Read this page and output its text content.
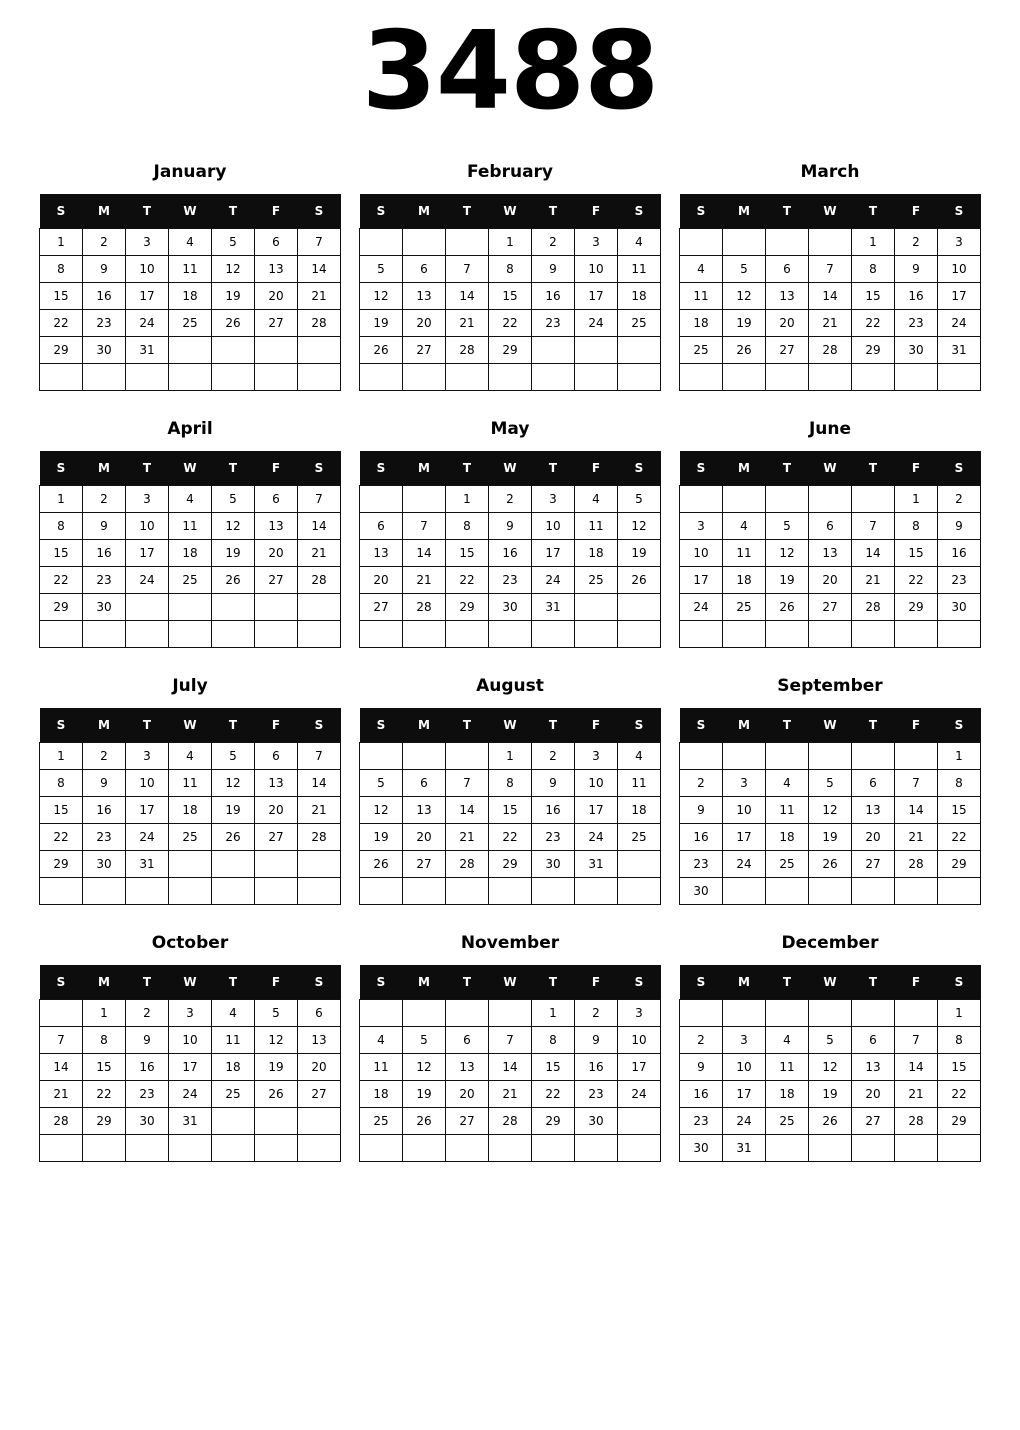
3488
January
S	M	T	W	T	F	S
1	2	3	4	5	6	7
8	9	10	11	12	13	14
15	16	17	18	19	20	21
22	23	24	25	26	27	28
29	30	31				

February
S	M	T	W	T	F	S
			1	2	3	4
5	6	7	8	9	10	11
12	13	14	15	16	17	18
19	20	21	22	23	24	25
26	27	28	29			

March
S	M	T	W	T	F	S
				1	2	3
4	5	6	7	8	9	10
11	12	13	14	15	16	17
18	19	20	21	22	23	24
25	26	27	28	29	30	31

April
S	M	T	W	T	F	S
1	2	3	4	5	6	7
8	9	10	11	12	13	14
15	16	17	18	19	20	21
22	23	24	25	26	27	28
29	30					

May
S	M	T	W	T	F	S
		1	2	3	4	5
6	7	8	9	10	11	12
13	14	15	16	17	18	19
20	21	22	23	24	25	26
27	28	29	30	31		

June
S	M	T	W	T	F	S
					1	2
3	4	5	6	7	8	9
10	11	12	13	14	15	16
17	18	19	20	21	22	23
24	25	26	27	28	29	30

July
S	M	T	W	T	F	S
1	2	3	4	5	6	7
8	9	10	11	12	13	14
15	16	17	18	19	20	21
22	23	24	25	26	27	28
29	30	31				

August
S	M	T	W	T	F	S
			1	2	3	4
5	6	7	8	9	10	11
12	13	14	15	16	17	18
19	20	21	22	23	24	25
26	27	28	29	30	31	

September
S	M	T	W	T	F	S
						1
2	3	4	5	6	7	8
9	10	11	12	13	14	15
16	17	18	19	20	21	22
23	24	25	26	27	28	29
30						
October
S	M	T	W	T	F	S
	1	2	3	4	5	6
7	8	9	10	11	12	13
14	15	16	17	18	19	20
21	22	23	24	25	26	27
28	29	30	31			

November
S	M	T	W	T	F	S
				1	2	3
4	5	6	7	8	9	10
11	12	13	14	15	16	17
18	19	20	21	22	23	24
25	26	27	28	29	30	

December
S	M	T	W	T	F	S
						1
2	3	4	5	6	7	8
9	10	11	12	13	14	15
16	17	18	19	20	21	22
23	24	25	26	27	28	29
30	31					
